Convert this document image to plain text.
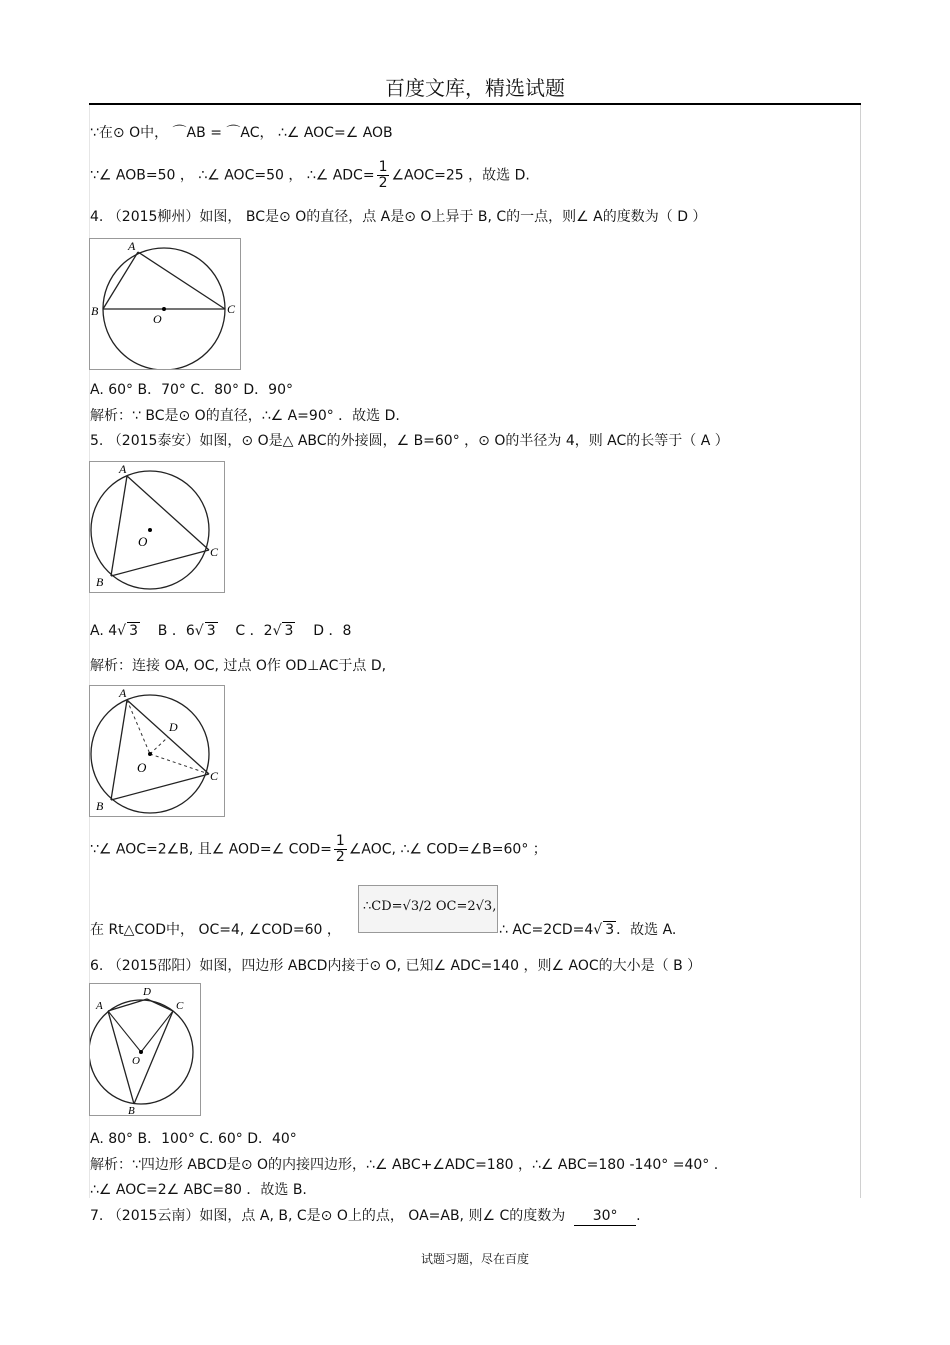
百度文库，精选试题
∵在⊙ O中， ⌒AB = ⌒AC， ∴∠ AOC=∠ AOB
∵∠ AOB=50 ， ∴∠ AOC=50 ， ∴∠ $ADC= \frac{1}{2}$ ∠AOC=25 ，故选 D.
4. （2015柳州）如图， BC是⊙ O的直径，点 A是⊙ O上异于 B, C的一点，则∠ A的度数为（ D ）
A
B	C
O
A. 60° B．70° C．80° D．90°
解析：∵ BC是⊙ O的直径，∴∠ A=90° ．故选 D.
5. （2015泰安）如图，⊙ O是△ ABC的外接圆，∠ B=60° ，⊙ O的半径为 4，则 AC的长等于（ A ）
A
C
B
O
A. 4√ 3 B ．6√ 3 C ．2√ 3 D ．8
解析：连接 OA, OC, 过点 O作 OD⊥AC于点 D,
A
D
C
B
O
∵∠ AOC=2∠B, 且∠ AOD=∠ $COD= \frac{1}{2}$ ∠AOC, ∴∠ COD=∠B=60° ；
在 Rt△COD中， OC=4, ∠COD=60 ，
∴CD=√3/2 OC=2√3,
∴ AC=2CD=4√ 3 ．故选 A.
6. （2015邵阳）如图，四边形 ABCD内接于⊙ O, 已知∠ ADC=140 ，则∠ AOC的大小是（ B ）
A
D
C
B
O
A. 80° B．100° C. 60° D．40°
解析：∵四边形 ABCD是⊙ O的内接四边形，∴∠ ABC+∠ADC=180 ，∴∠ ABC=180 -140° =40° .
∴∠ AOC=2∠ ABC=80 ．故选 B.
7. （2015云南）如图，点 A, B, C是⊙ O上的点， OA=AB, 则∠ C的度数为 30° .
试题习题，尽在百度
